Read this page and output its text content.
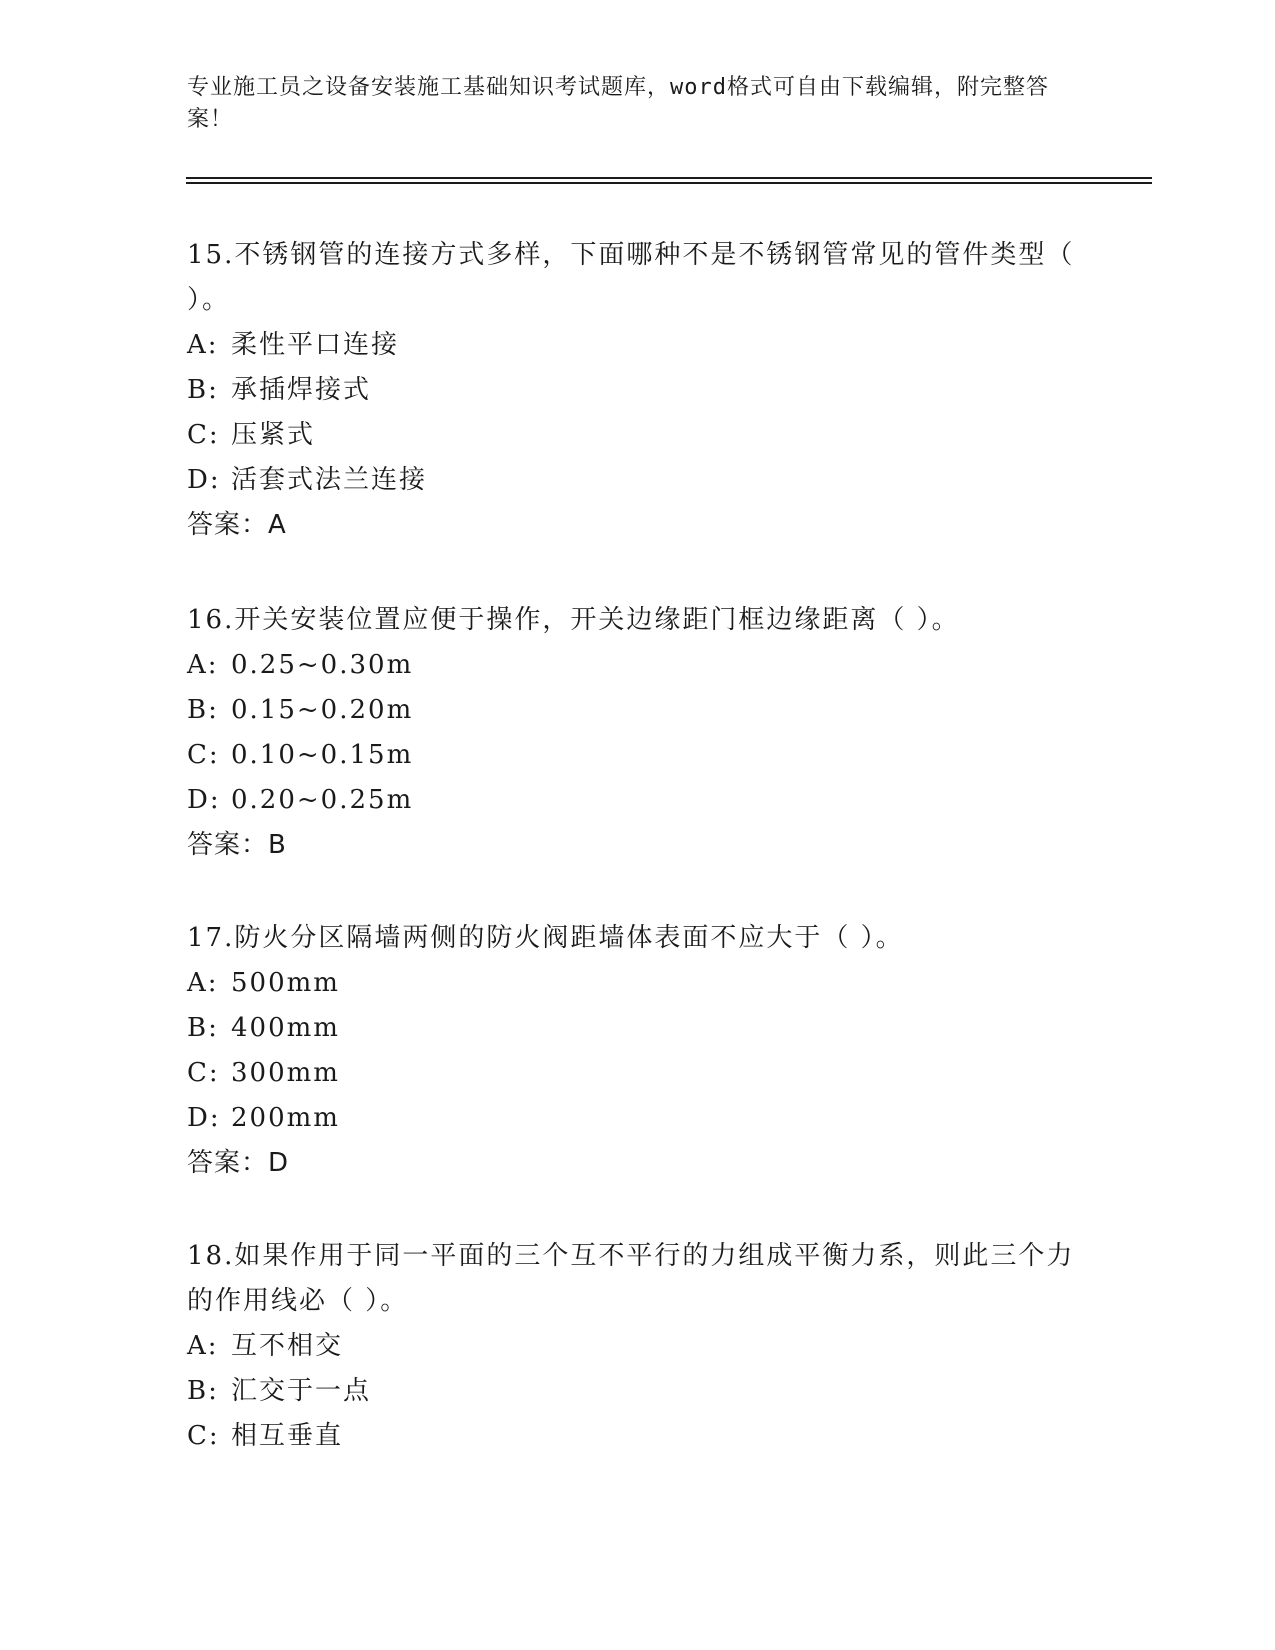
专业施工员之设备安装施工基础知识考试题库，word格式可自由下载编辑，附完整答案！

15.不锈钢管的连接方式多样，下面哪种不是不锈钢管常见的管件类型（ ）。

A: 柔性平口连接

B: 承插焊接式

C: 压紧式

D: 活套式法兰连接

答案：A

16.开关安装位置应便于操作，开关边缘距门框边缘距离（ ）。

A: 0.25~0.30m

B: 0.15~0.20m

C: 0.10~0.15m

D: 0.20~0.25m

答案：B

17.防火分区隔墙两侧的防火阀距墙体表面不应大于（ ）。

A: 500mm

B: 400mm

C: 300mm

D: 200mm

答案：D

18.如果作用于同一平面的三个互不平行的力组成平衡力系，则此三个力的作用线必（ ）。

A: 互不相交

B: 汇交于一点

C: 相互垂直
